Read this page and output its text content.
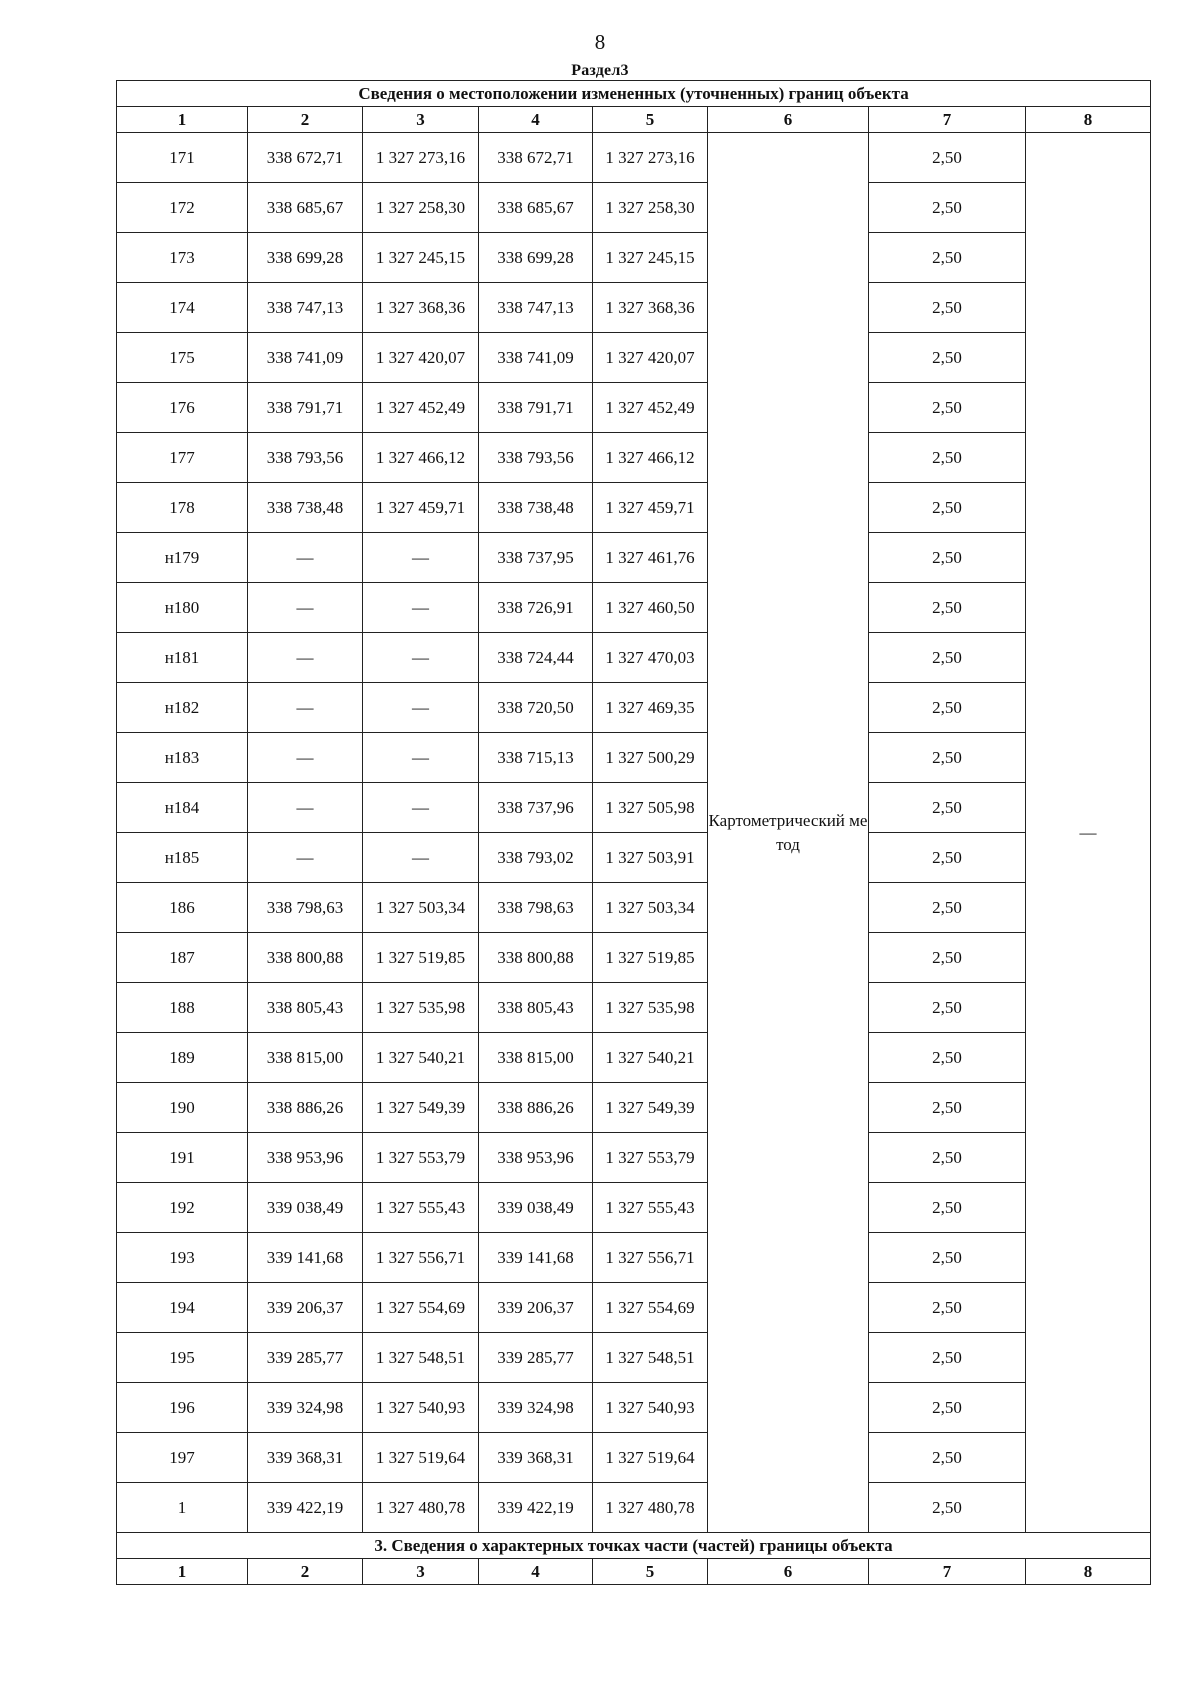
8
Раздел3
Сведения о местоположении измененных (уточненных) границ объекта							
1	2	3	4	5	6	7	8
171	338 672,71	1 327 273,16	338 672,71	1 327 273,16	Картометрический метод	2,50	—
172	338 685,67	1 327 258,30	338 685,67	1 327 258,30		2,50	
173	338 699,28	1 327 245,15	338 699,28	1 327 245,15		2,50	
174	338 747,13	1 327 368,36	338 747,13	1 327 368,36		2,50	
175	338 741,09	1 327 420,07	338 741,09	1 327 420,07		2,50	
176	338 791,71	1 327 452,49	338 791,71	1 327 452,49		2,50	
177	338 793,56	1 327 466,12	338 793,56	1 327 466,12		2,50	
178	338 738,48	1 327 459,71	338 738,48	1 327 459,71		2,50	
н179	—	—	338 737,95	1 327 461,76		2,50	
н180	—	—	338 726,91	1 327 460,50		2,50	
н181	—	—	338 724,44	1 327 470,03		2,50	
н182	—	—	338 720,50	1 327 469,35		2,50	
н183	—	—	338 715,13	1 327 500,29		2,50	
н184	—	—	338 737,96	1 327 505,98		2,50	
н185	—	—	338 793,02	1 327 503,91		2,50	
186	338 798,63	1 327 503,34	338 798,63	1 327 503,34		2,50	
187	338 800,88	1 327 519,85	338 800,88	1 327 519,85		2,50	
188	338 805,43	1 327 535,98	338 805,43	1 327 535,98		2,50	
189	338 815,00	1 327 540,21	338 815,00	1 327 540,21		2,50	
190	338 886,26	1 327 549,39	338 886,26	1 327 549,39		2,50	
191	338 953,96	1 327 553,79	338 953,96	1 327 553,79		2,50	
192	339 038,49	1 327 555,43	339 038,49	1 327 555,43		2,50	
193	339 141,68	1 327 556,71	339 141,68	1 327 556,71		2,50	
194	339 206,37	1 327 554,69	339 206,37	1 327 554,69		2,50	
195	339 285,77	1 327 548,51	339 285,77	1 327 548,51		2,50	
196	339 324,98	1 327 540,93	339 324,98	1 327 540,93		2,50	
197	339 368,31	1 327 519,64	339 368,31	1 327 519,64		2,50	
1	339 422,19	1 327 480,78	339 422,19	1 327 480,78		2,50	
3. Сведения о характерных точках части (частей) границы объекта							
1	2	3	4	5	6	7	8
